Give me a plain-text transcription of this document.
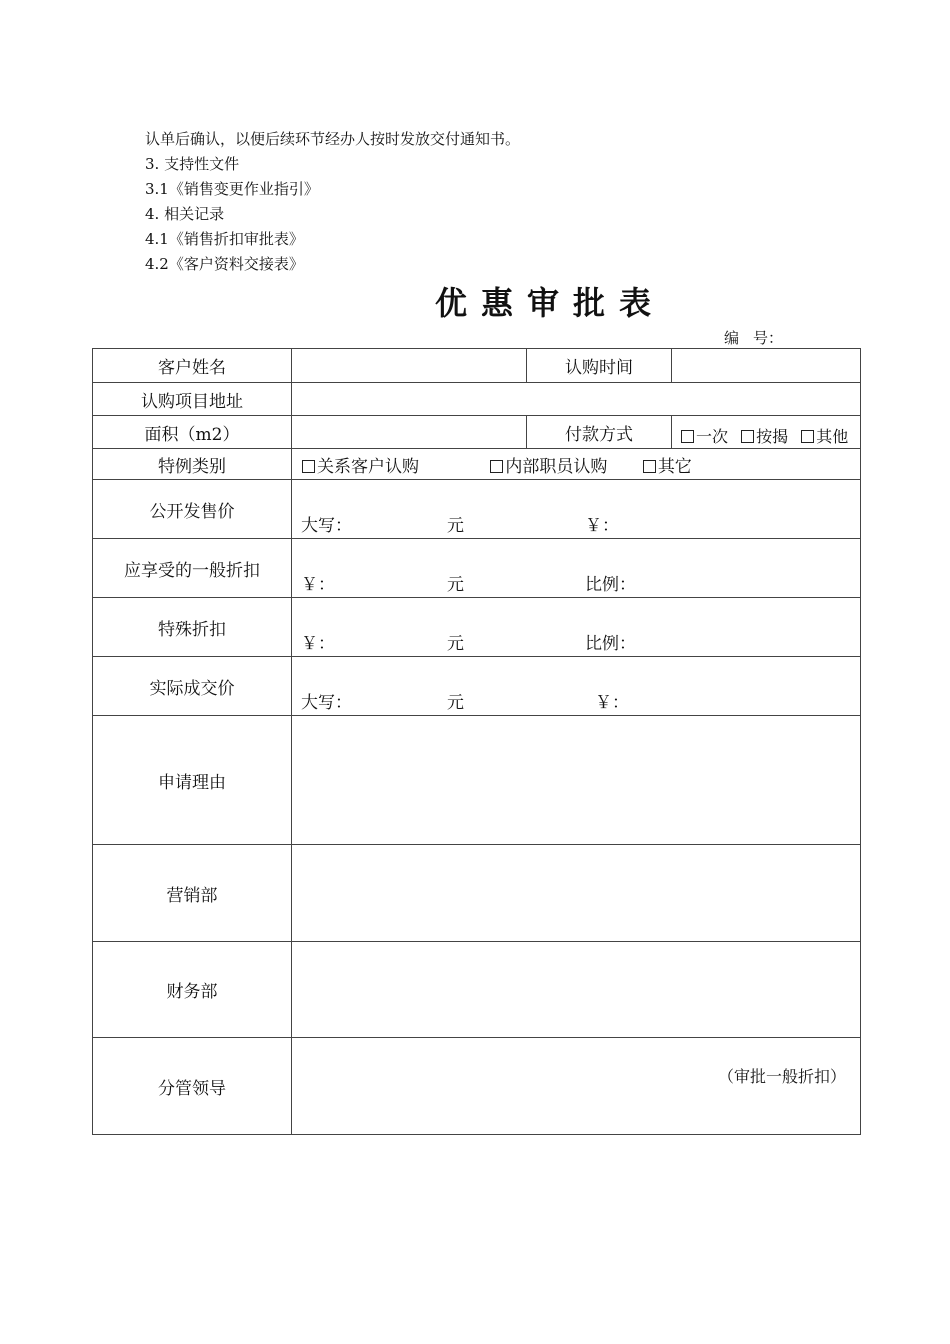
认单后确认，以便后续环节经办人按时发放交付通知书。
3. 支持性文件
3.1《销售变更作业指引》
4. 相关记录
4.1《销售折扣审批表》
4.2《客户资料交接表》
优惠审批表
编 号：
客户姓名		认购时间	
认购项目地址			
面积（m2）		付款方式	一次 按揭 其他
特例类别	关系客户认购 内部职员认购 其它		
公开发售价	大写： 元 ￥：		

应享受的一般折扣	￥： 元 比例：		

特殊折扣	￥： 元 比例：		

实际成交价	大写： 元 ￥：		

申请理由			
营销部			
财务部			
分管领导	（审批一般折扣）		
